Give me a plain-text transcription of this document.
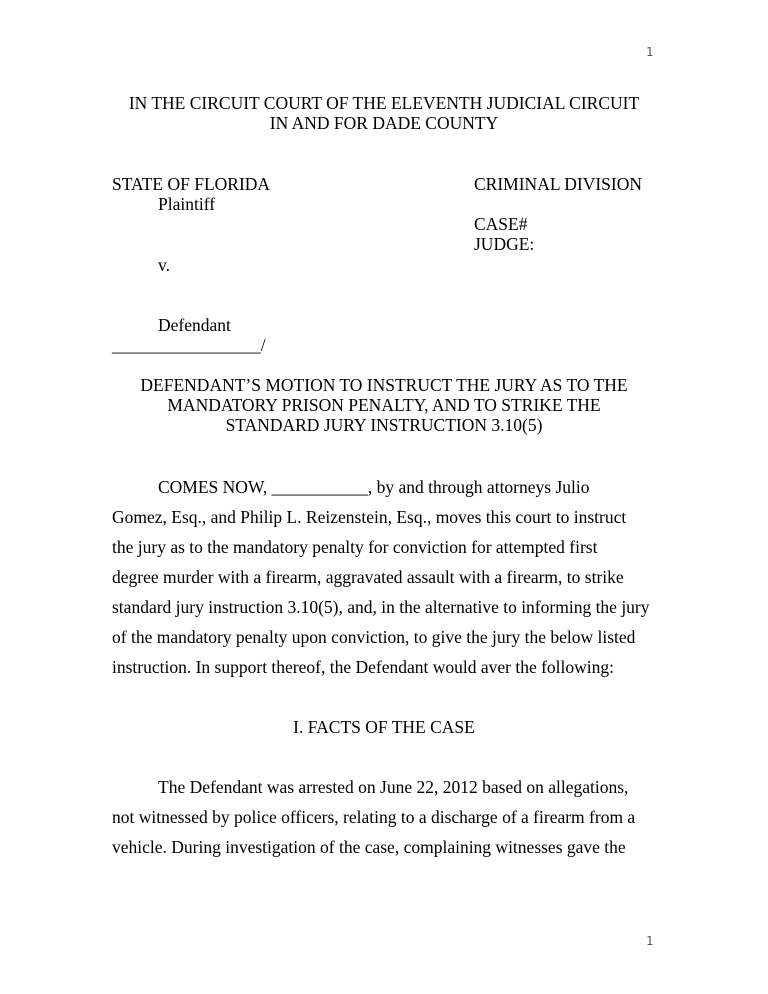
1
1
IN THE CIRCUIT COURT OF THE ELEVENTH JUDICIAL CIRCUIT
IN AND FOR DADE COUNTY
STATE OF FLORIDA
Plaintiff
CRIMINAL DIVISION
CASE#
JUDGE:
v.
Defendant
_________________/
DEFENDANT’S MOTION TO INSTRUCT THE JURY AS TO THE
MANDATORY PRISON PENALTY, AND TO STRIKE THE
STANDARD JURY INSTRUCTION 3.10(5)
COMES NOW, ___________, by and through attorneys Julio
Gomez, Esq., and Philip L. Reizenstein, Esq., moves this court to instruct
the jury as to the mandatory penalty for conviction for attempted first
degree murder with a firearm, aggravated assault with a firearm, to strike
standard jury instruction 3.10(5), and, in the alternative to informing the jury
of the mandatory penalty upon conviction, to give the jury the below listed
instruction. In support thereof, the Defendant would aver the following:
I. FACTS OF THE CASE
The Defendant was arrested on June 22, 2012 based on allegations,
not witnessed by police officers, relating to a discharge of a firearm from a
vehicle. During investigation of the case, complaining witnesses gave the
